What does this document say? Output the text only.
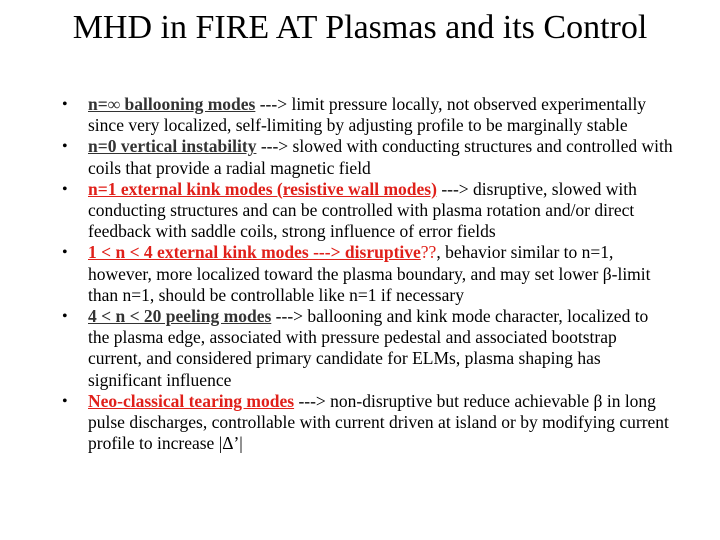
MHD in FIRE AT Plasmas and its Control
•	n=∞ ballooning modes ---> limit pressure locally, not observed experimentally since very localized, self-limiting by adjusting profile to be marginally stable
•	n=0 vertical instability ---> slowed with conducting structures and controlled with coils that provide a radial magnetic field
•	n=1 external kink modes (resistive wall modes) ---> disruptive, slowed with conducting structures and can be controlled with plasma rotation and/or direct feedback with saddle coils, strong influence of error fields
•	1 < n < 4 external kink modes ---> disruptive??, behavior similar to n=1, however, more localized toward the plasma boundary, and may set lower β-limit than n=1, should be controllable like n=1 if necessary
•	4 < n < 20 peeling modes ---> ballooning and kink mode character, localized to the plasma edge, associated with pressure pedestal and associated bootstrap current, and considered primary candidate for ELMs, plasma shaping has significant influence
•	Neo-classical tearing modes ---> non-disruptive but reduce achievable β in long pulse discharges, controllable with current driven at island or by modifying current profile to increase |Δ’|
